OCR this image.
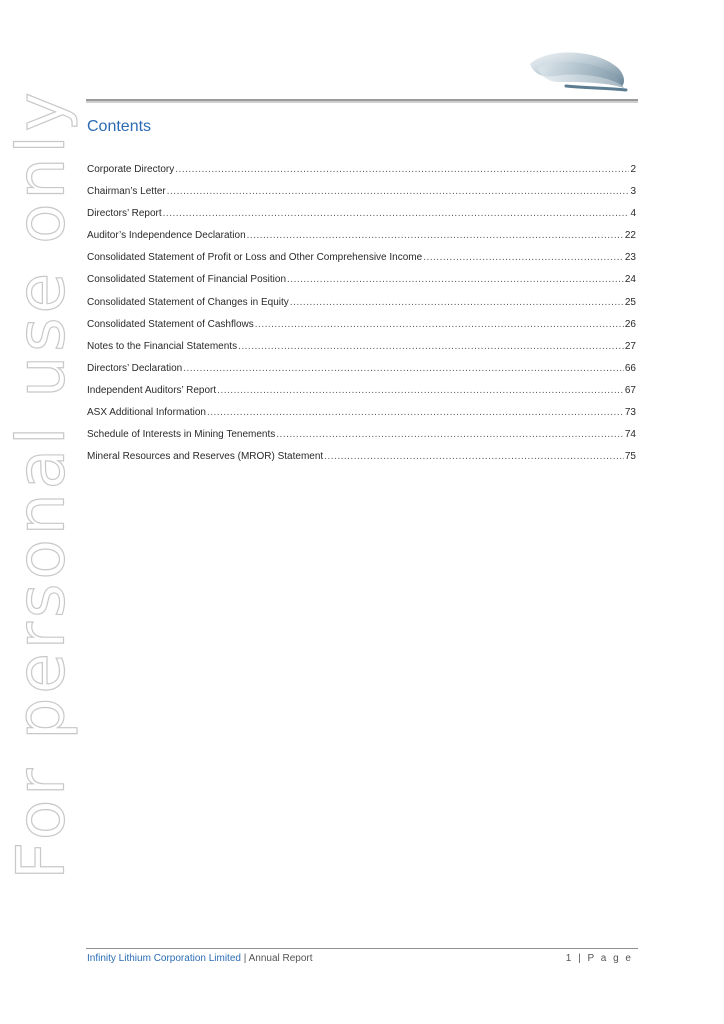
Contents
Corporate Directory .....	2
Chairman’s Letter .....	3
Directors’ Report .....	4
Auditor’s Independence Declaration .....	22
Consolidated Statement of Profit or Loss and Other Comprehensive Income .....	23
Consolidated Statement of Financial Position .....	24
Consolidated Statement of Changes in Equity .....	25
Consolidated Statement of Cashflows .....	26
Notes to the Financial Statements .....	27
Directors’ Declaration .....	66
Independent Auditors’ Report .....	67
ASX Additional Information .....	73
Schedule of Interests in Mining Tenements .....	74
Mineral Resources and Reserves (MROR) Statement .....	75
For personal use only
Infinity Lithium Corporation Limited | Annual Report	1 | P a g e
